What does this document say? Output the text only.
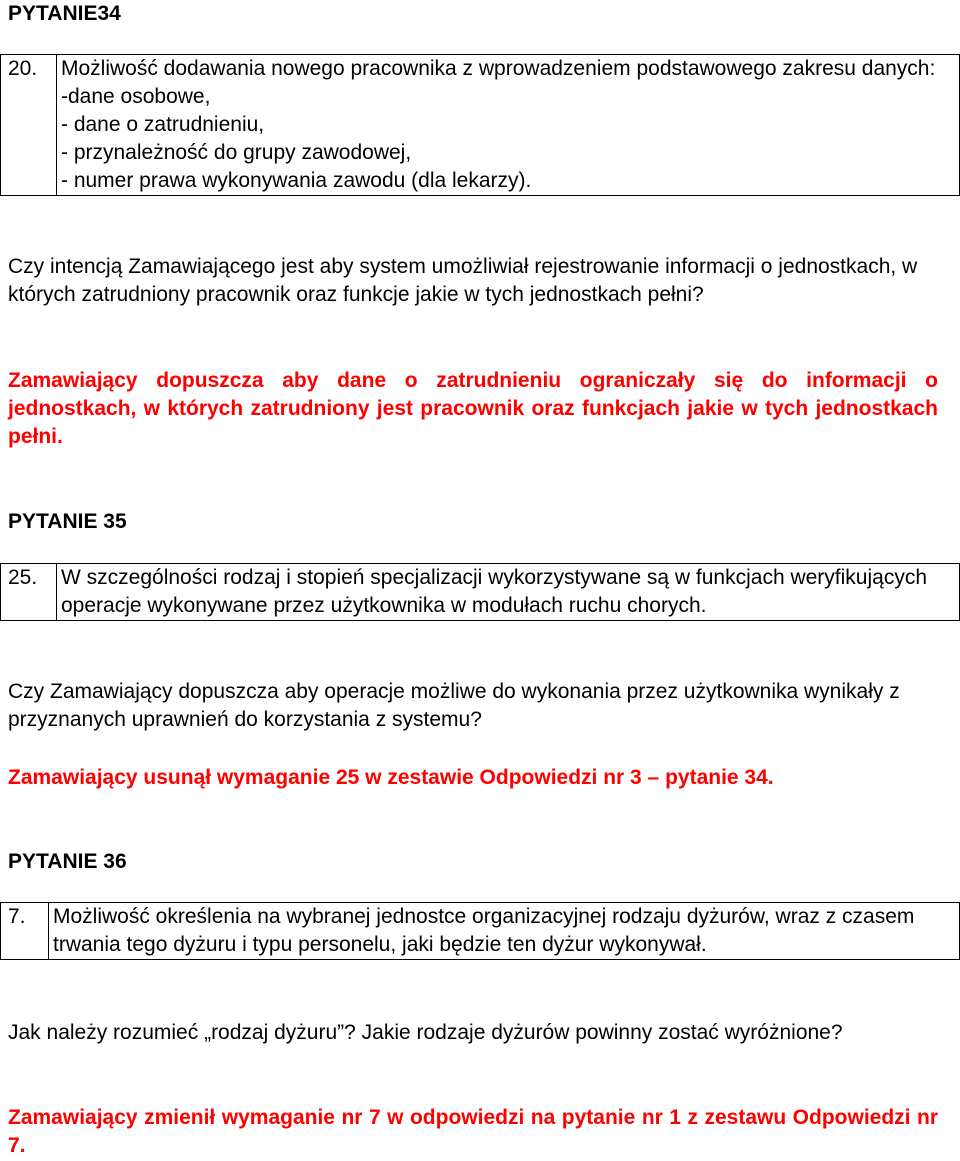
PYTANIE34
20.	Możliwość dodawania nowego pracownika z wprowadzeniem podstawowego zakresu danych:
-dane osobowe,
- dane o zatrudnieniu,
- przynależność do grupy zawodowej,
- numer prawa wykonywania zawodu (dla lekarzy).

Czy intencją Zamawiającego jest aby system umożliwiał rejestrowanie informacji o jednostkach, w których zatrudniony pracownik oraz funkcje jakie w tych jednostkach pełni?

Zamawiający dopuszcza aby dane o zatrudnieniu ograniczały się do informacji o jednostkach, w których zatrudniony jest pracownik oraz funkcjach jakie w tych jednostkach pełni.

PYTANIE 35
25.	W szczególności rodzaj i stopień specjalizacji wykorzystywane są w funkcjach weryfikujących operacje wykonywane przez użytkownika w modułach ruchu chorych.

Czy Zamawiający dopuszcza aby operacje możliwe do wykonania przez użytkownika wynikały z przyznanych uprawnień do korzystania z systemu?

Zamawiający usunął wymaganie 25 w zestawie Odpowiedzi nr 3 – pytanie 34.

PYTANIE 36
7.	Możliwość określenia na wybranej jednostce organizacyjnej rodzaju dyżurów, wraz z czasem trwania tego dyżuru i typu personelu, jaki będzie ten dyżur wykonywał.

Jak należy rozumieć „rodzaj dyżuru”? Jakie rodzaje dyżurów powinny zostać wyróżnione?

Zamawiający zmienił wymaganie nr 7 w odpowiedzi na pytanie nr 1 z zestawu Odpowiedzi nr 7.
